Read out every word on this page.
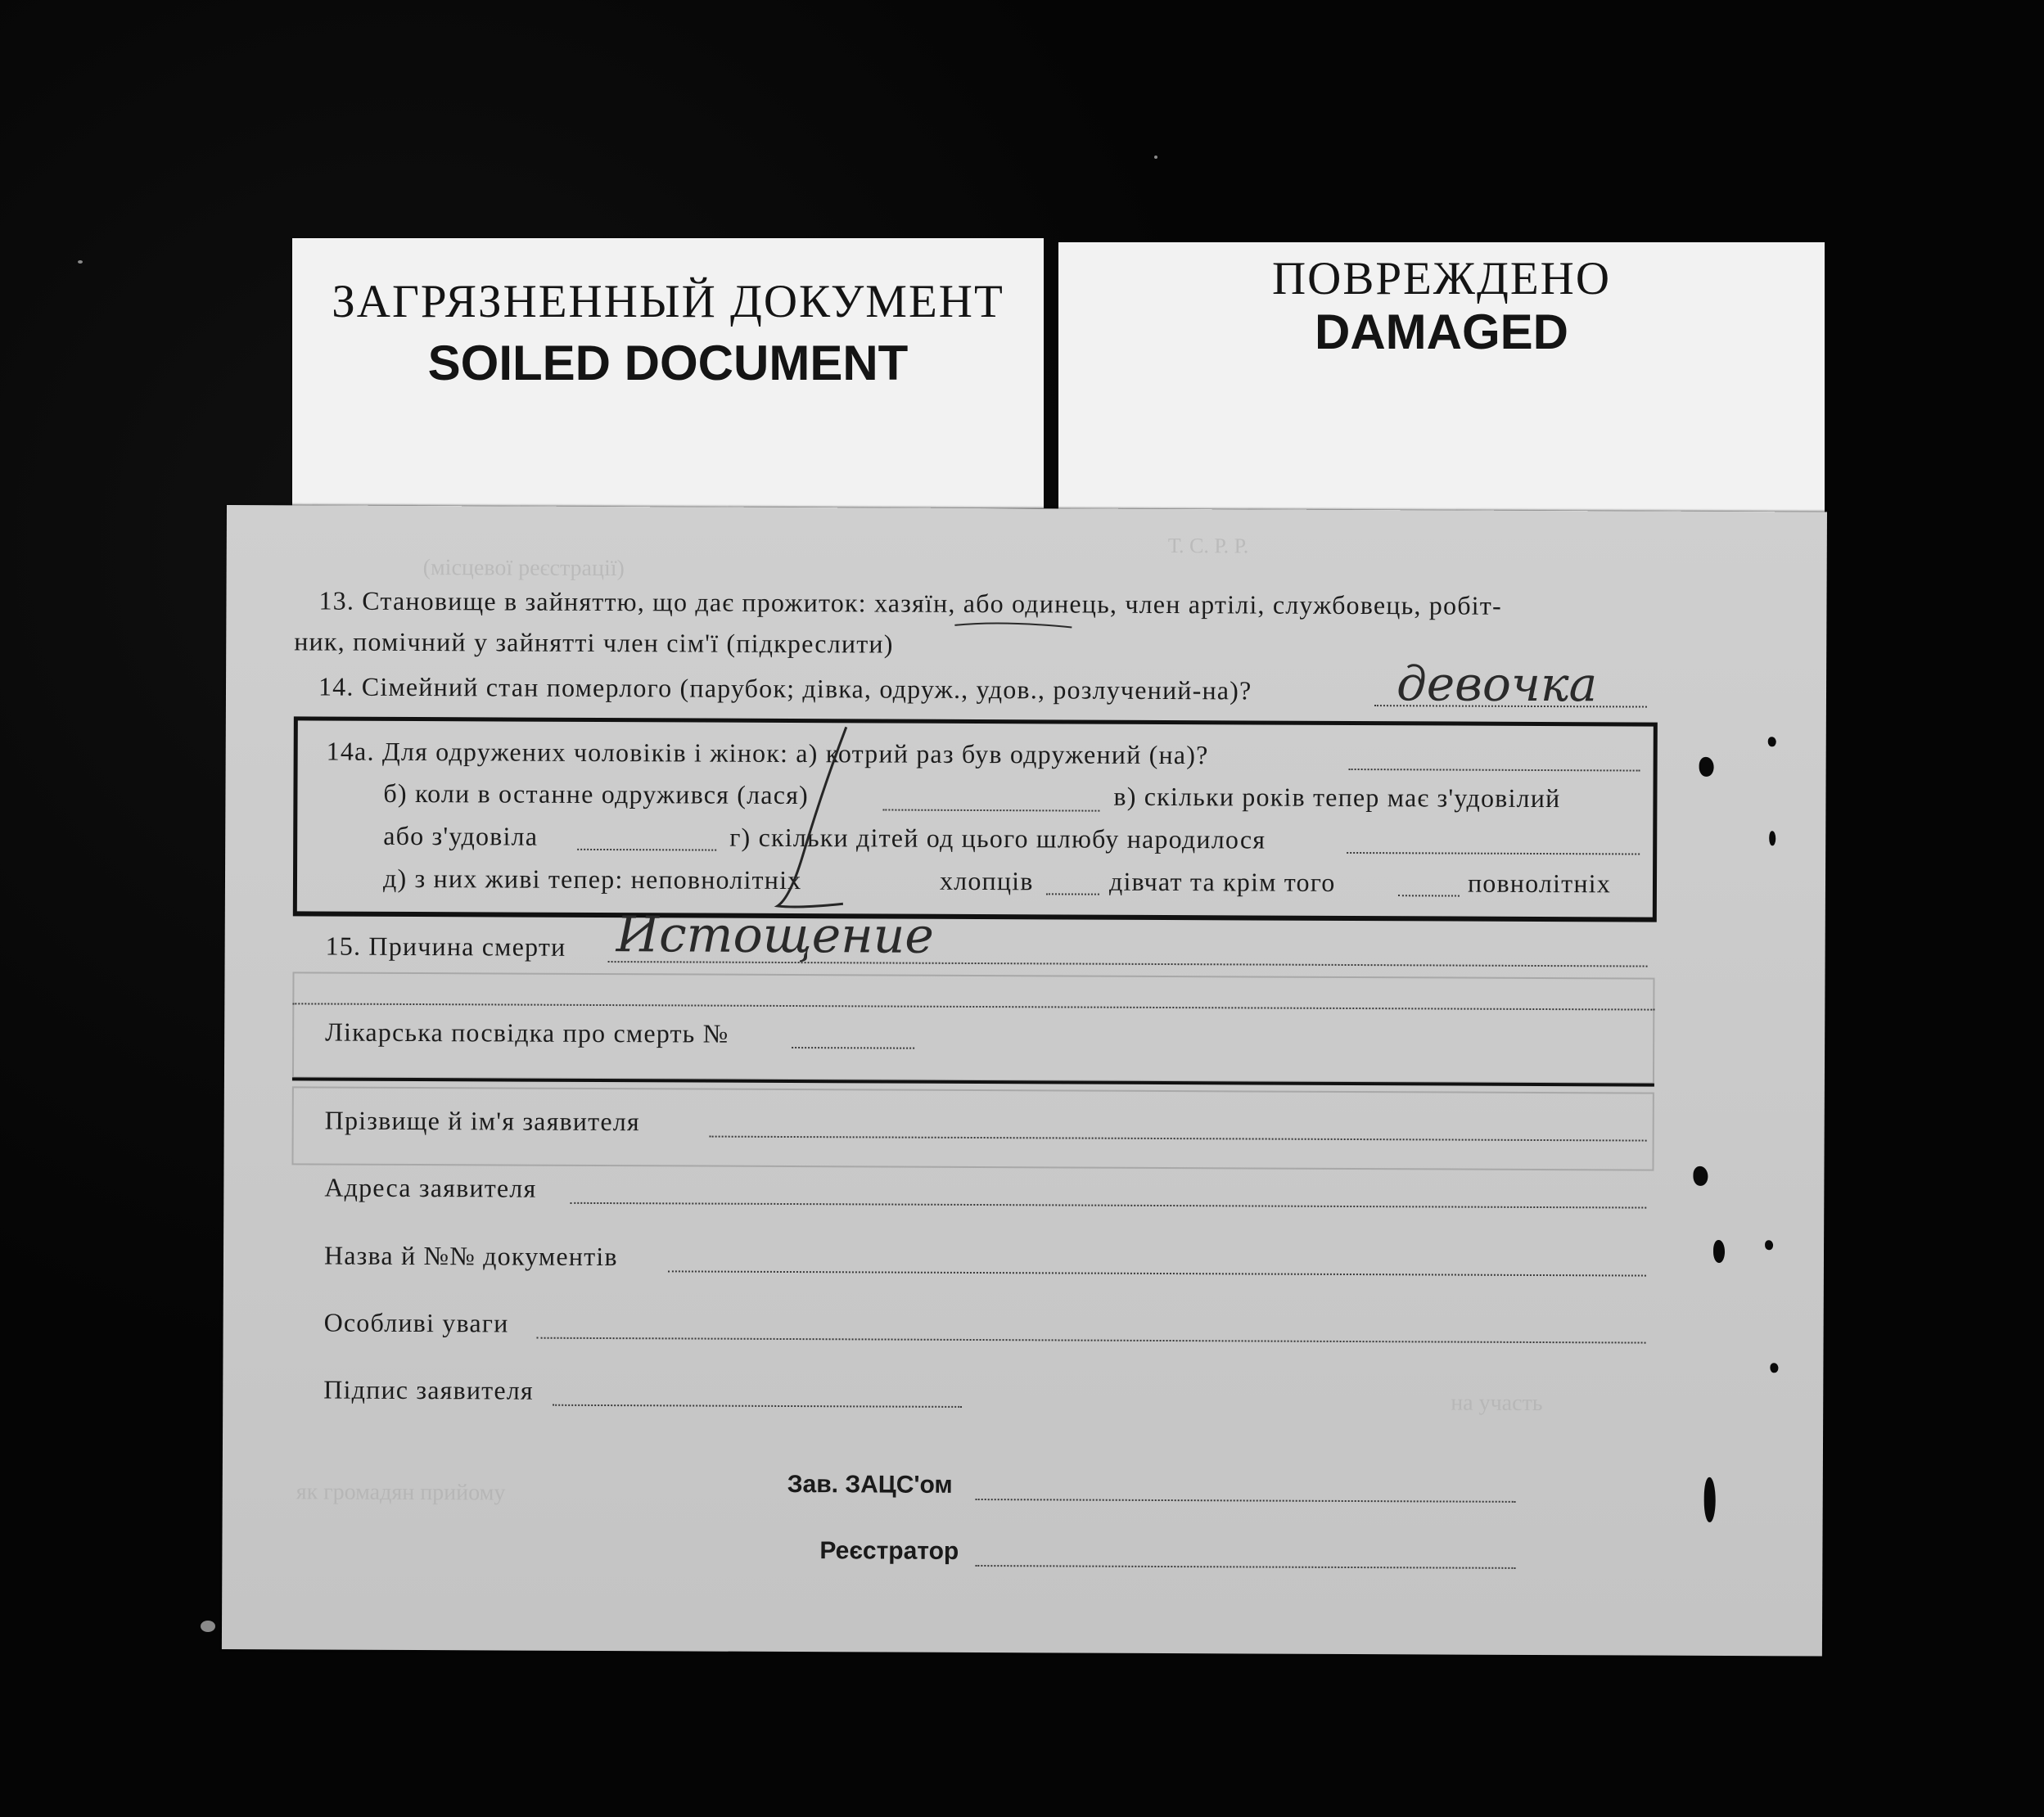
ЗАГРЯЗНЕННЫЙ ДОКУМЕНТ
SOILED DOCUMENT
ПОВРЕЖДЕНО
DAMAGED
Т. С. Р. Р.
(місцевої реєстрації)
на участь
як громадян прийому
13. Становище в зайняттю, що дає прожиток: хазяїн, або одинець, член артілі, службовець, робіт-
ник, помічний у зайнятті член сім'ї (підкреслити)
14. Сімейний стан померлого (парубок; дівка, одруж., удов., розлучений-на)?	девочка
14а. Для одружених чоловіків і жінок: а) котрий раз був одружений (на)?
б) коли в останне одружився (лася)	в) скільки років тепер має з'удовілий
або з'удовіла	г) скільки дітей од цього шлюбу народилося
д) з них живі тепер: неповнолітніх	хлопців	дівчат та крім того	повнолітніх
15. Причина смерти Истощение
Лікарська посвідка про смерть №
Прізвище й ім'я заявителя
Адреса заявителя
Назва й №№ документів
Особливі уваги
Підпис заявителя
Зав. ЗАЦС'ом
Реєстратор
